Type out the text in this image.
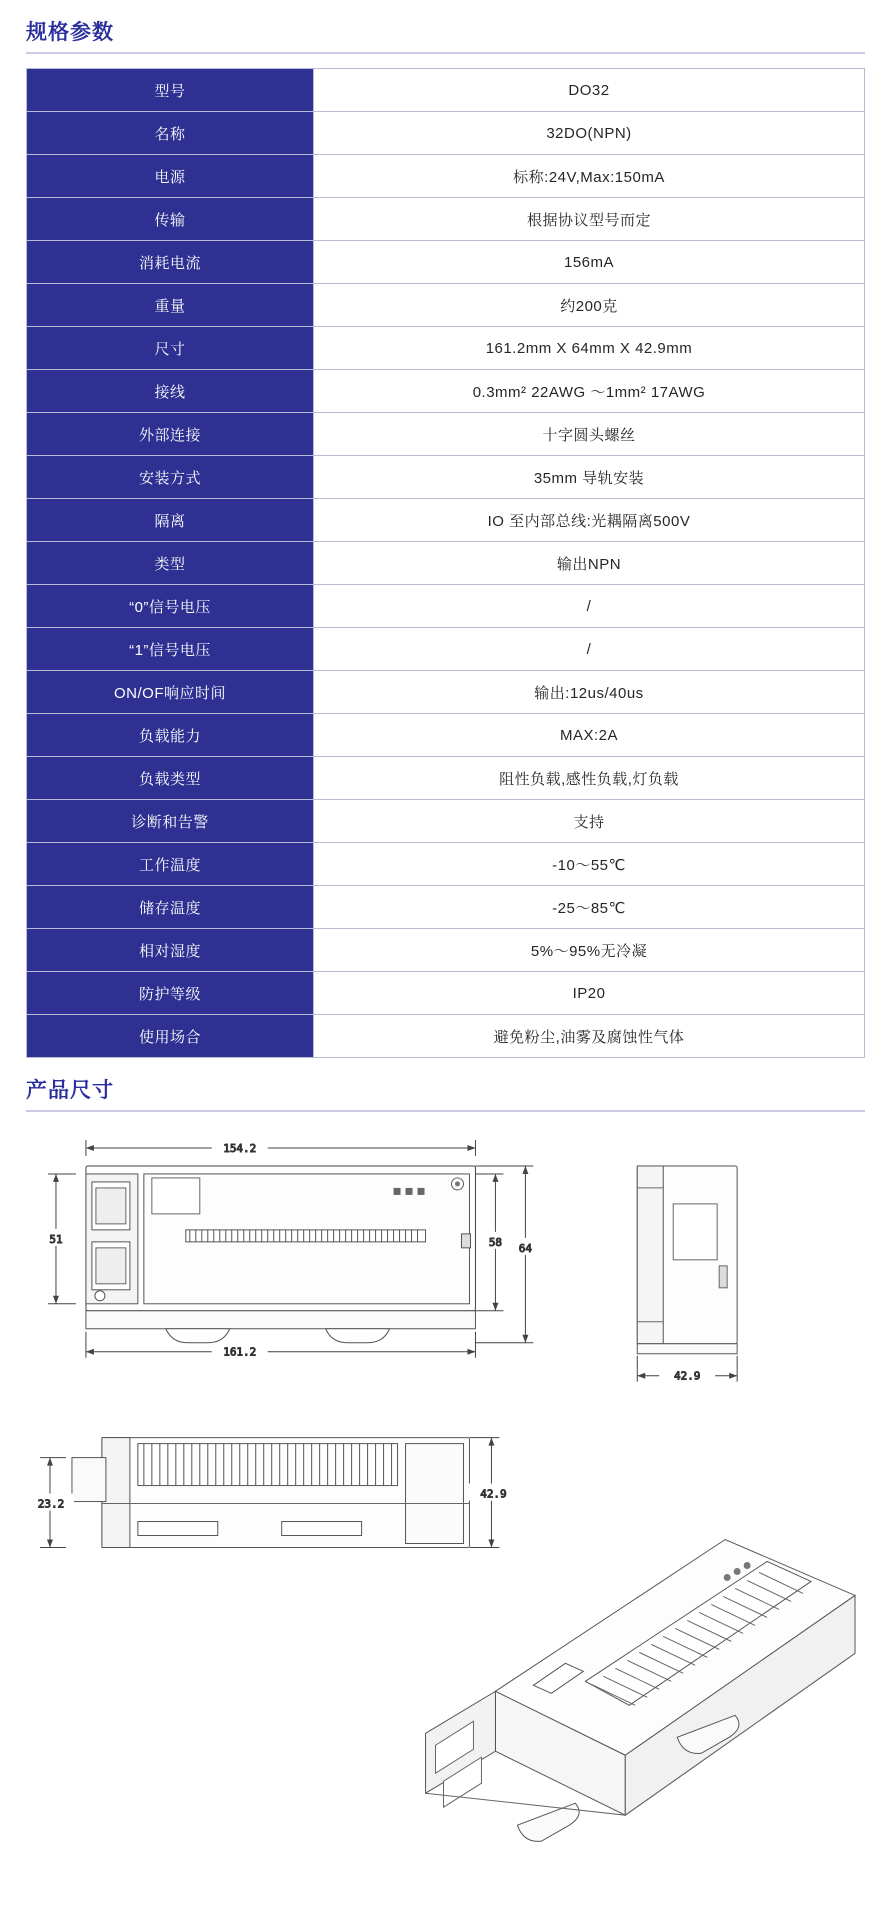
规格参数
型号	DO32
名称	32DO(NPN)
电源	标称:24V,Max:150mA
传输	根据协议型号而定
消耗电流	156mA
重量	约200克
尺寸	161.2mm X 64mm X 42.9mm
接线	0.3mm² 22AWG 〜1mm² 17AWG
外部连接	十字圆头螺丝
安装方式	35mm 导轨安装
隔离	IO 至内部总线:光耦隔离500V
类型	输出NPN
“0”信号电压	/
“1”信号电压	/
ON/OF响应时间	输出:12us/40us
负载能力	MAX:2A
负载类型	阻性负载,感性负载,灯负载
诊断和告警	支持
工作温度	-10〜55℃
储存温度	-25〜85℃
相对湿度	5%〜95%无冷凝
防护等级	IP20
使用场合	避免粉尘,油雾及腐蚀性气体
产品尺寸
154.2
161.2
51	58 64
42.9
23.2
42.9
